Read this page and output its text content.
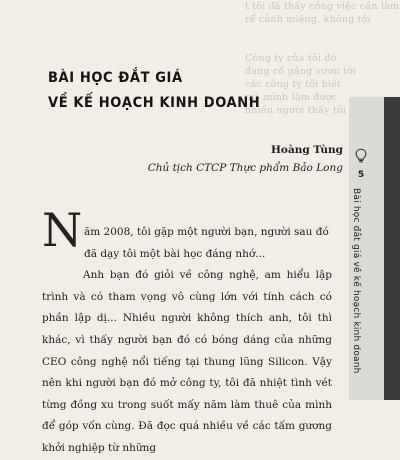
t tõi đã thấy công việc cần làm
rể cảnh miệng, không tội

Công ty của tôi đó
đang cố gắng vươn tới
các công ty tôi biết
mà mình làm được
nhiều người thấy tôi

BÀI HỌC ĐẮT GIÁ
VỀ KẾ HOẠCH KINH DOANH
Hoàng Tùng
Chủ tịch CTCP Thực phẩm Bảo Long
N ăm 2008, tôi gặp một người bạn, người sau đó

đã dạy tôi một bài học đáng nhớ...

Anh bạn đó giỏi về công nghệ, am hiểu lập trình và có tham vọng vô cùng lớn với tính cách có phần lập dị... Nhiều người không thích anh, tôi thì khác, vì thấy người bạn đó có bóng dáng của những CEO công nghệ nổi tiếng tại thung lũng Silicon. Vậy nên khi người bạn đó mở công ty, tôi đã nhiệt tình vét từng đồng xu trong suốt mấy năm làm thuê của mình để góp vốn cùng. Đã đọc quá nhiều về các tấm gương khởi nghiệp từ những

5
Bài học đắt giá về kế hoạch kinh doanh
